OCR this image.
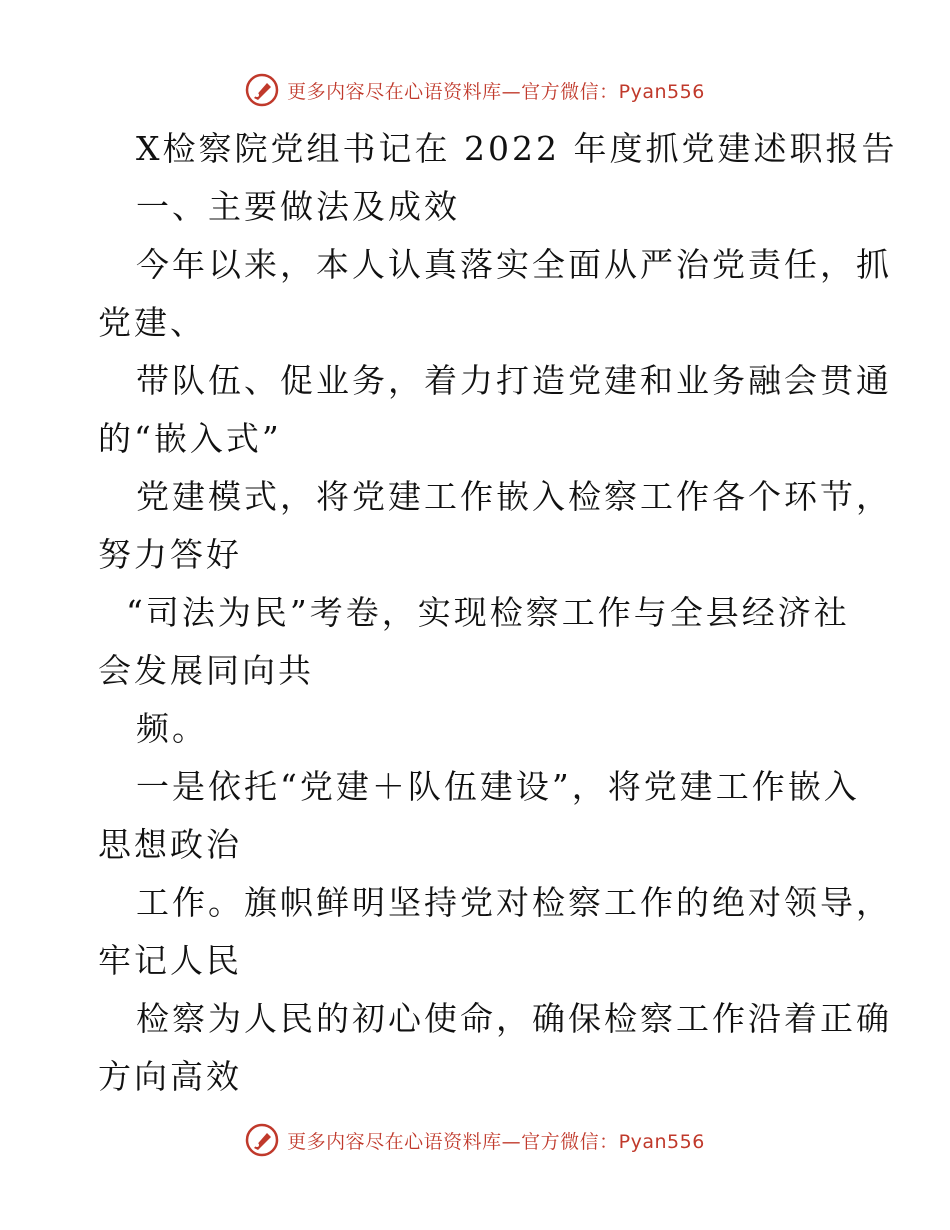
更多内容尽在心语资料库—官方微信：Pyan556
X检察院党组书记在 2022 年度抓党建述职报告
一、主要做法及成效
今年以来，本人认真落实全面从严治党责任，抓
党建、
带队伍、促业务，着力打造党建和业务融会贯通
的“嵌入式”
党建模式，将党建工作嵌入检察工作各个环节，
努力答好
“司法为民”考卷，实现检察工作与全县经济社
会发展同向共
频。
一是依托“党建＋队伍建设”，将党建工作嵌入
思想政治
工作。旗帜鲜明坚持党对检察工作的绝对领导，
牢记人民
检察为人民的初心使命，确保检察工作沿着正确
方向高效
更多内容尽在心语资料库—官方微信：Pyan556
